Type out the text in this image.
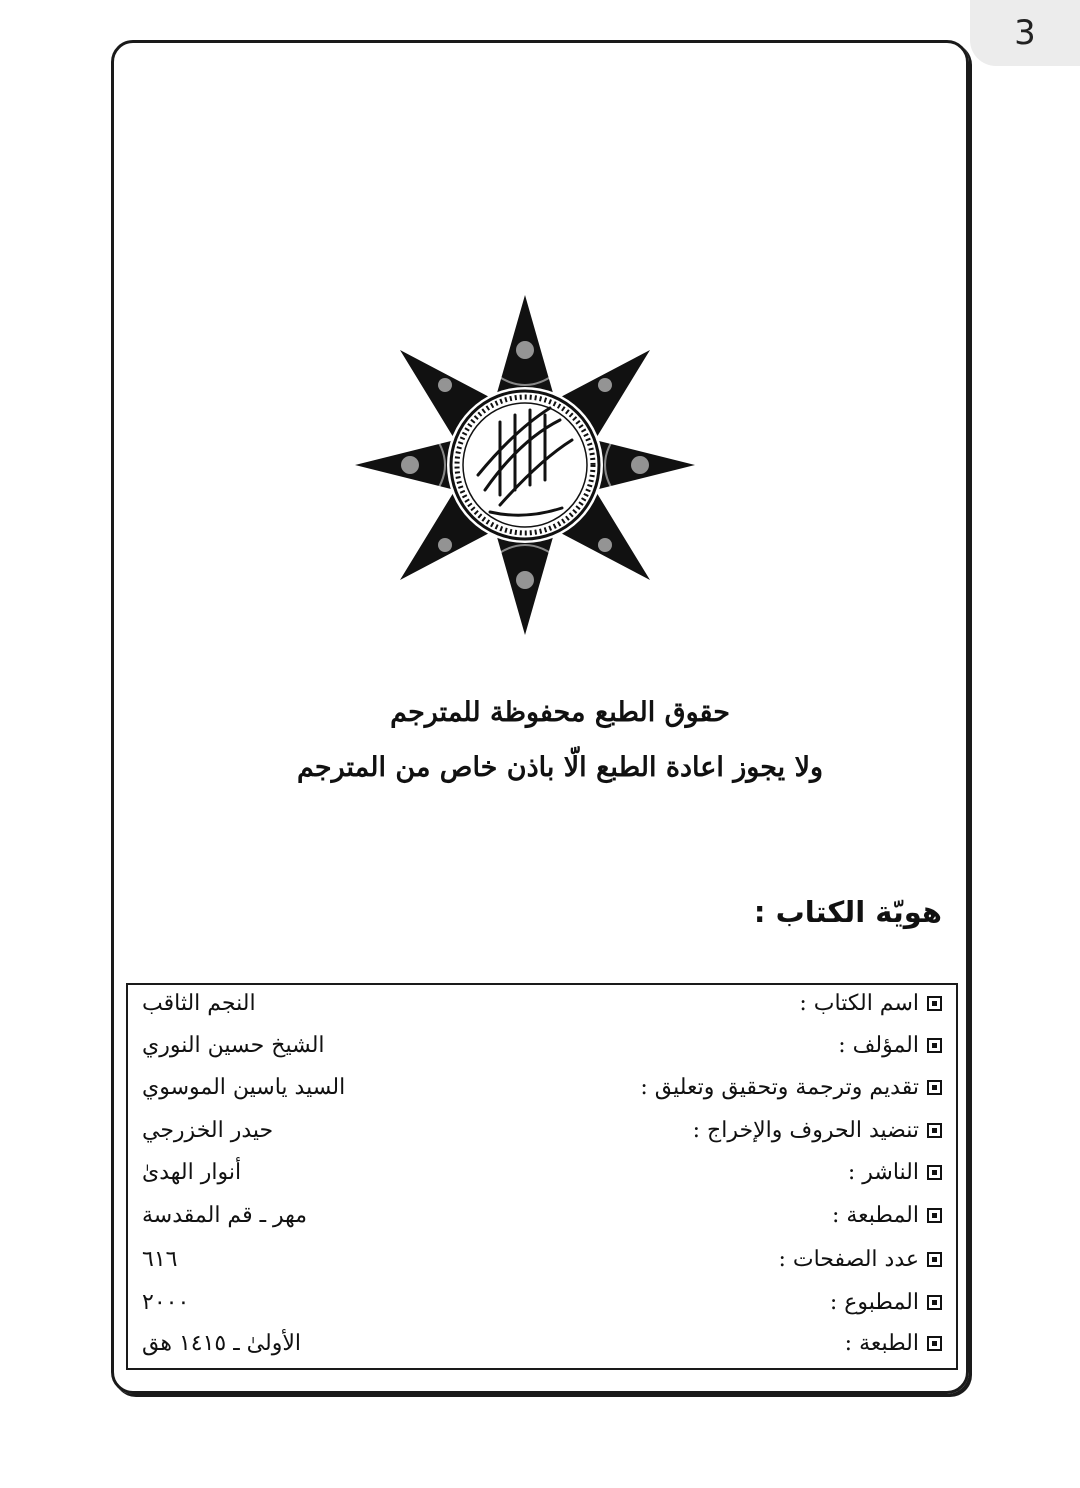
3
حقوق الطبع محفوظة للمترجم
ولا يجوز اعادة الطبع الّا باذن خاص من المترجم
هويّة الكتاب :
اسم الكتاب :
النجم الثاقب
المؤلف :
الشيخ حسين النوري
تقديم وترجمة وتحقيق وتعليق :
السيد ياسين الموسوي
تنضيد الحروف والإخراج :
حيدر الخزرجي
الناشر :
أنوار الهدىٰ
المطبعة :
مهر ـ قم المقدسة
عدد الصفحات :
٦١٦
المطبوع :
٢٠٠٠
الطبعة :
الأولىٰ ـ ١٤١٥ هق
